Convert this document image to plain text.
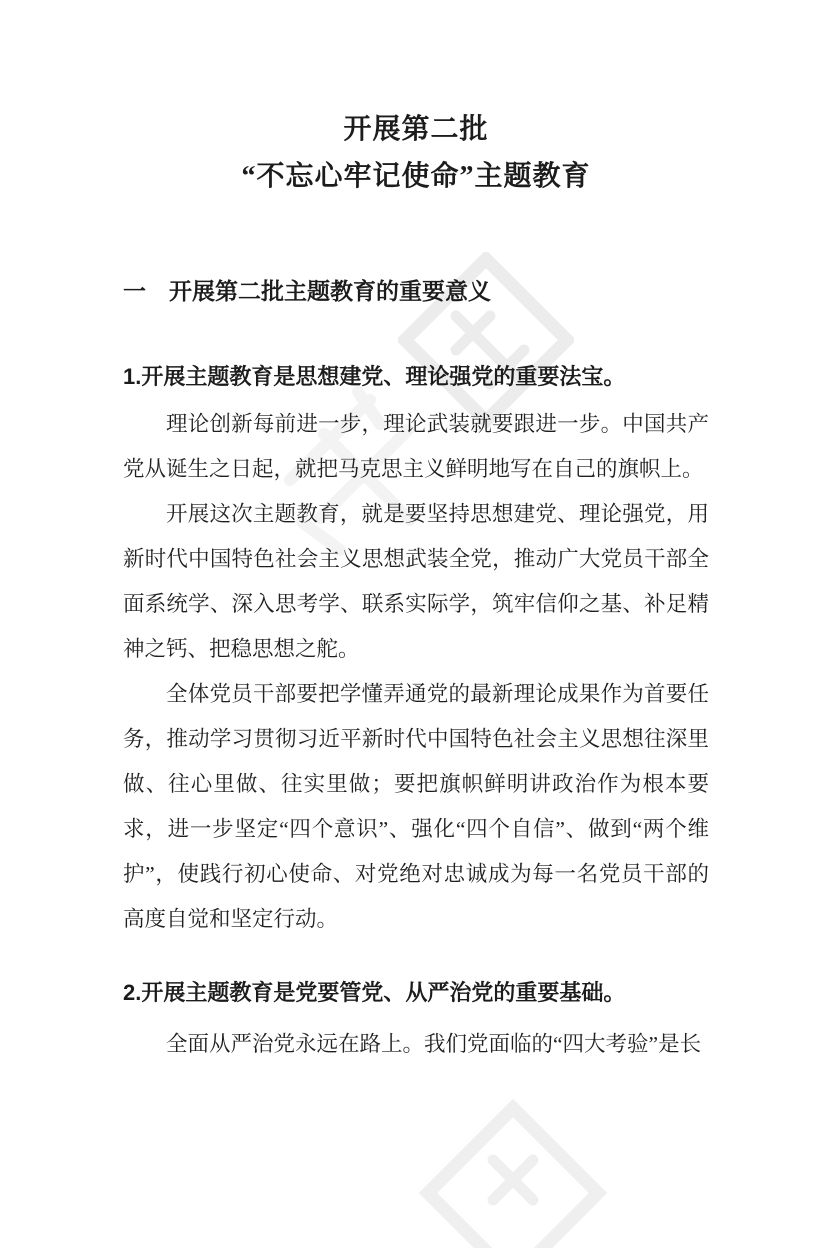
开展第二批
“不忘心牢记使命”主题教育
一　开展第二批主题教育的重要意义
1.开展主题教育是思想建党、理论强党的重要法宝。

理论创新每前进一步，理论武装就要跟进一步。中国共产党从诞生之日起，就把马克思主义鲜明地写在自己的旗帜上。

开展这次主题教育，就是要坚持思想建党、理论强党，用新时代中国特色社会主义思想武装全党，推动广大党员干部全面系统学、深入思考学、联系实际学，筑牢信仰之基、补足精神之钙、把稳思想之舵。

全体党员干部要把学懂弄通党的最新理论成果作为首要任务，推动学习贯彻习近平新时代中国特色社会主义思想往深里做、往心里做、往实里做；要把旗帜鲜明讲政治作为根本要求，进一步坚定“四个意识”、强化“四个自信”、做到“两个维护”，使践行初心使命、对党绝对忠诚成为每一名党员干部的高度自觉和坚定行动。

2.开展主题教育是党要管党、从严治党的重要基础。

全面从严治党永远在路上。我们党面临的“四大考验”是长
